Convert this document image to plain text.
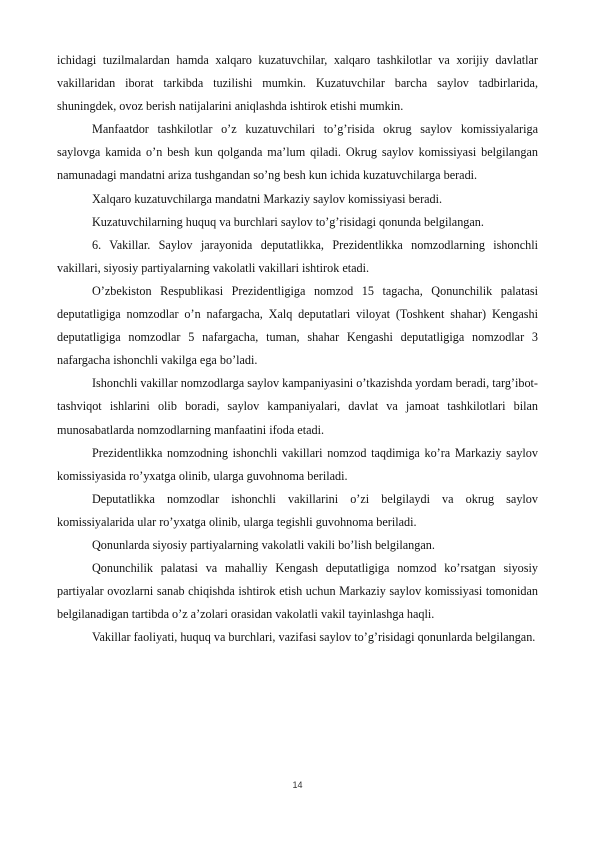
ichidagi tuzilmalardan hamda xalqaro kuzatuvchilar, xalqaro tashkilotlar va xorijiy davlatlar vakillaridan iborat tarkibda tuzilishi mumkin. Kuzatuvchilar barcha saylov tadbirlarida, shuningdek, ovoz berish natijalarini aniqlashda ishtirok etishi mumkin.

Manfaatdor tashkilotlar o’z kuzatuvchilari to’g’risida okrug saylov komissiyalariga saylovga kamida o’n besh kun qolganda ma’lum qiladi. Okrug saylov komissiyasi belgilangan namunadagi mandatni ariza tushgandan so’ng besh kun ichida kuzatuvchilarga beradi.

Xalqaro kuzatuvchilarga mandatni Markaziy saylov komissiyasi beradi.

Kuzatuvchilarning huquq va burchlari saylov to’g’risidagi qonunda belgilangan.

6. Vakillar. Saylov jarayonida deputatlikka, Prezidentlikka nomzodlarning ishonchli vakillari, siyosiy partiyalarning vakolatli vakillari ishtirok etadi.

O’zbekiston Respublikasi Prezidentligiga nomzod 15 tagacha, Qonunchilik palatasi deputatligiga nomzodlar o’n nafargacha, Xalq deputatlari viloyat (Toshkent shahar) Kengashi deputatligiga nomzodlar 5 nafargacha, tuman, shahar Kengashi deputatligiga nomzodlar 3 nafargacha ishonchli vakilga ega bo’ladi.

Ishonchli vakillar nomzodlarga saylov kampaniyasini o’tkazishda yordam beradi, targ’ibot-tashviqot ishlarini olib boradi, saylov kampaniyalari, davlat va jamoat tashkilotlari bilan munosabatlarda nomzodlarning manfaatini ifoda etadi.

Prezidentlikka nomzodning ishonchli vakillari nomzod taqdimiga ko’ra Markaziy saylov komissiyasida ro’yxatga olinib, ularga guvohnoma beriladi.

Deputatlikka nomzodlar ishonchli vakillarini o’zi belgilaydi va okrug saylov komissiyalarida ular ro’yxatga olinib, ularga tegishli guvohnoma beriladi.

Qonunlarda siyosiy partiyalarning vakolatli vakili bo’lish belgilangan.

Qonunchilik palatasi va mahalliy Kengash deputatligiga nomzod ko’rsatgan siyosiy partiyalar ovozlarni sanab chiqishda ishtirok etish uchun Markaziy saylov komissiyasi tomonidan belgilanadigan tartibda o’z a’zolari orasidan vakolatli vakil tayinlashga haqli.

Vakillar faoliyati, huquq va burchlari, vazifasi saylov to’g’risidagi qonunlarda belgilangan.

14
